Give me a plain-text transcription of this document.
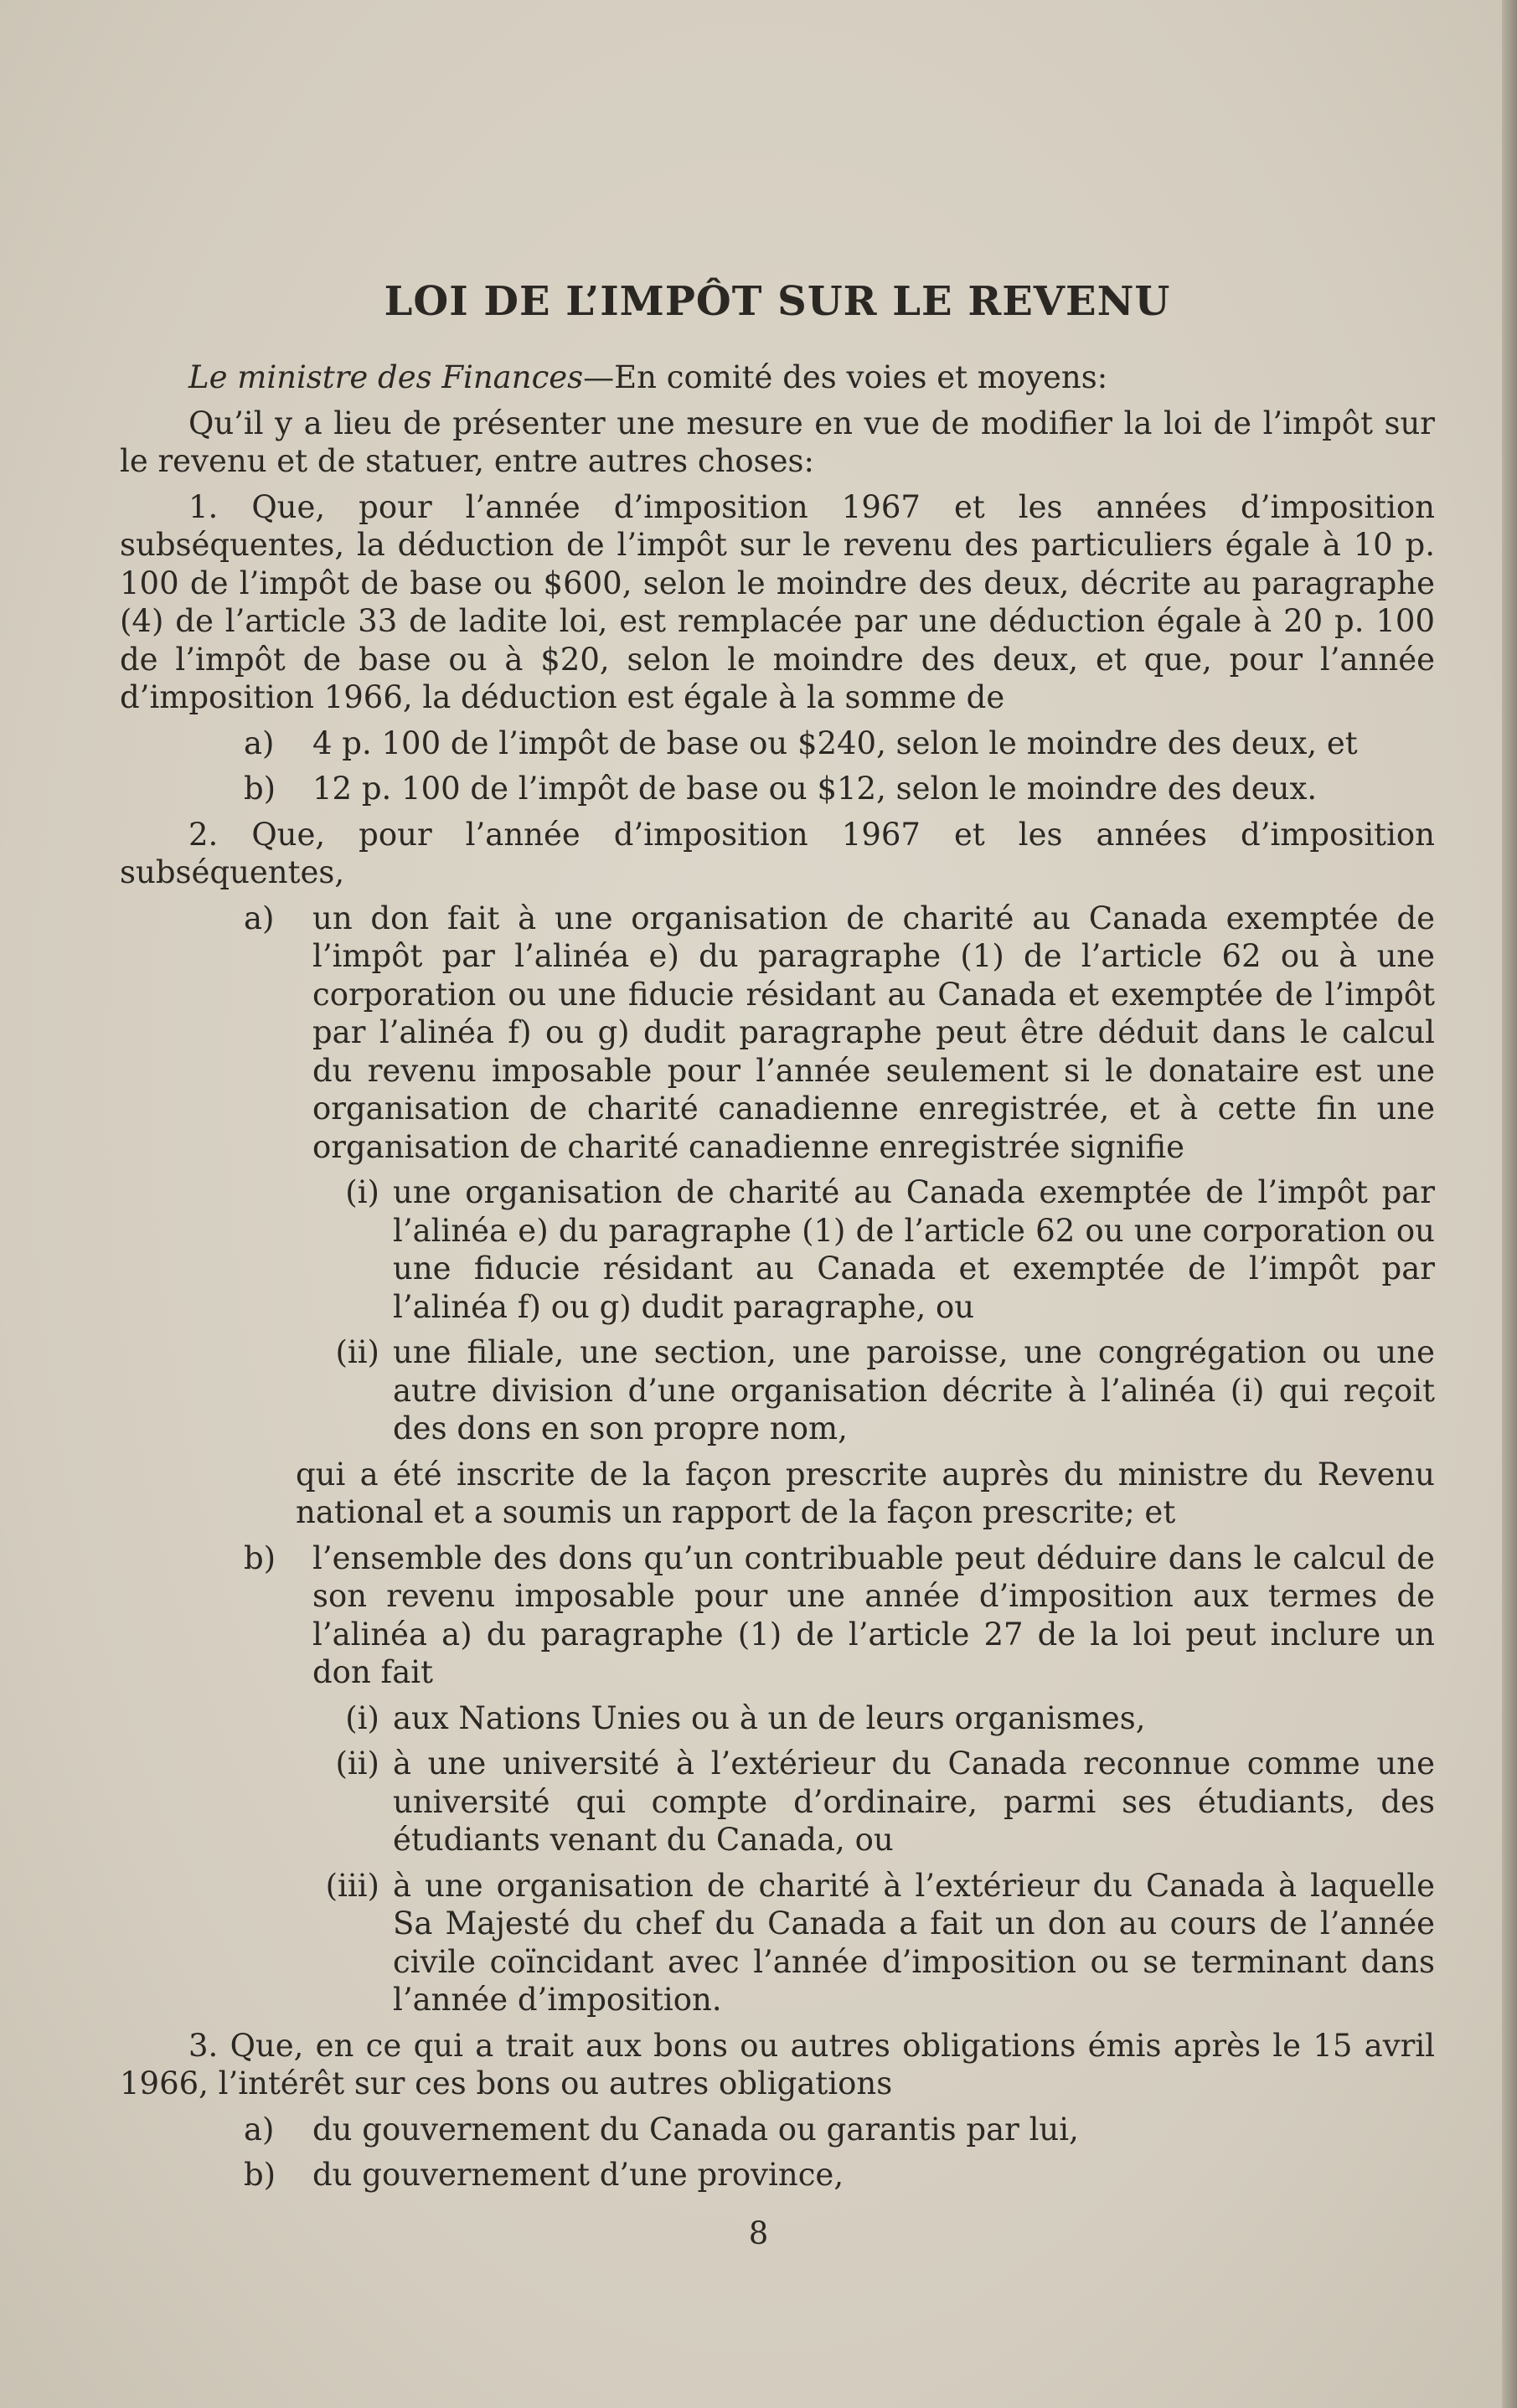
LOI DE L’IMPÔT SUR LE REVENU

Le ministre des Finances—En comité des voies et moyens:

Qu’il y a lieu de présenter une mesure en vue de modifier la loi de l’impôt sur le revenu et de statuer, entre autres choses:

1. Que, pour l’année d’imposition 1967 et les années d’imposition subséquentes, la déduction de l’impôt sur le revenu des particuliers égale à 10 p. 100 de l’impôt de base ou $600, selon le moindre des deux, décrite au paragraphe (4) de l’article 33 de ladite loi, est remplacée par une déduction égale à 20 p. 100 de l’impôt de base ou à $20, selon le moindre des deux, et que, pour l’année d’imposition 1966, la déduction est égale à la somme de

a)	4 p. 100 de l’impôt de base ou $240, selon le moindre des deux, et
b)	12 p. 100 de l’impôt de base ou $12, selon le moindre des deux.

2. Que, pour l’année d’imposition 1967 et les années d’imposition subséquentes,

a)	un don fait à une organisation de charité au Canada exemptée de l’impôt par l’alinéa e) du paragraphe (1) de l’article 62 ou à une corporation ou une fiducie résidant au Canada et exemptée de l’impôt par l’alinéa f) ou g) dudit paragraphe peut être déduit dans le calcul du revenu imposable pour l’année seulement si le donataire est une organisation de charité canadienne enregistrée, et à cette fin une organisation de charité canadienne enregistrée signifie
(i) une organisation de charité au Canada exemptée de l’impôt par l’alinéa e) du paragraphe (1) de l’article 62 ou une corporation ou une fiducie résidant au Canada et exemptée de l’impôt par l’alinéa f) ou g) dudit paragraphe, ou
(ii) une filiale, une section, une paroisse, une congrégation ou une autre division d’une organisation décrite à l’alinéa (i) qui reçoit des dons en son propre nom,

qui a été inscrite de la façon prescrite auprès du ministre du Revenu national et a soumis un rapport de la façon prescrite; et

b)	l’ensemble des dons qu’un contribuable peut déduire dans le calcul de son revenu imposable pour une année d’imposition aux termes de l’alinéa a) du paragraphe (1) de l’article 27 de la loi peut inclure un don fait
(i) aux Nations Unies ou à un de leurs organismes,
(ii) à une université à l’extérieur du Canada reconnue comme une université qui compte d’ordinaire, parmi ses étudiants, des étudiants venant du Canada, ou
(iii) à une organisation de charité à l’extérieur du Canada à laquelle Sa Majesté du chef du Canada a fait un don au cours de l’année civile coïncidant avec l’année d’imposition ou se terminant dans l’année d’imposition.

3. Que, en ce qui a trait aux bons ou autres obligations émis après le 15 avril 1966, l’intérêt sur ces bons ou autres obligations

a)	du gouvernement du Canada ou garantis par lui,
b)	du gouvernement d’une province,
8
